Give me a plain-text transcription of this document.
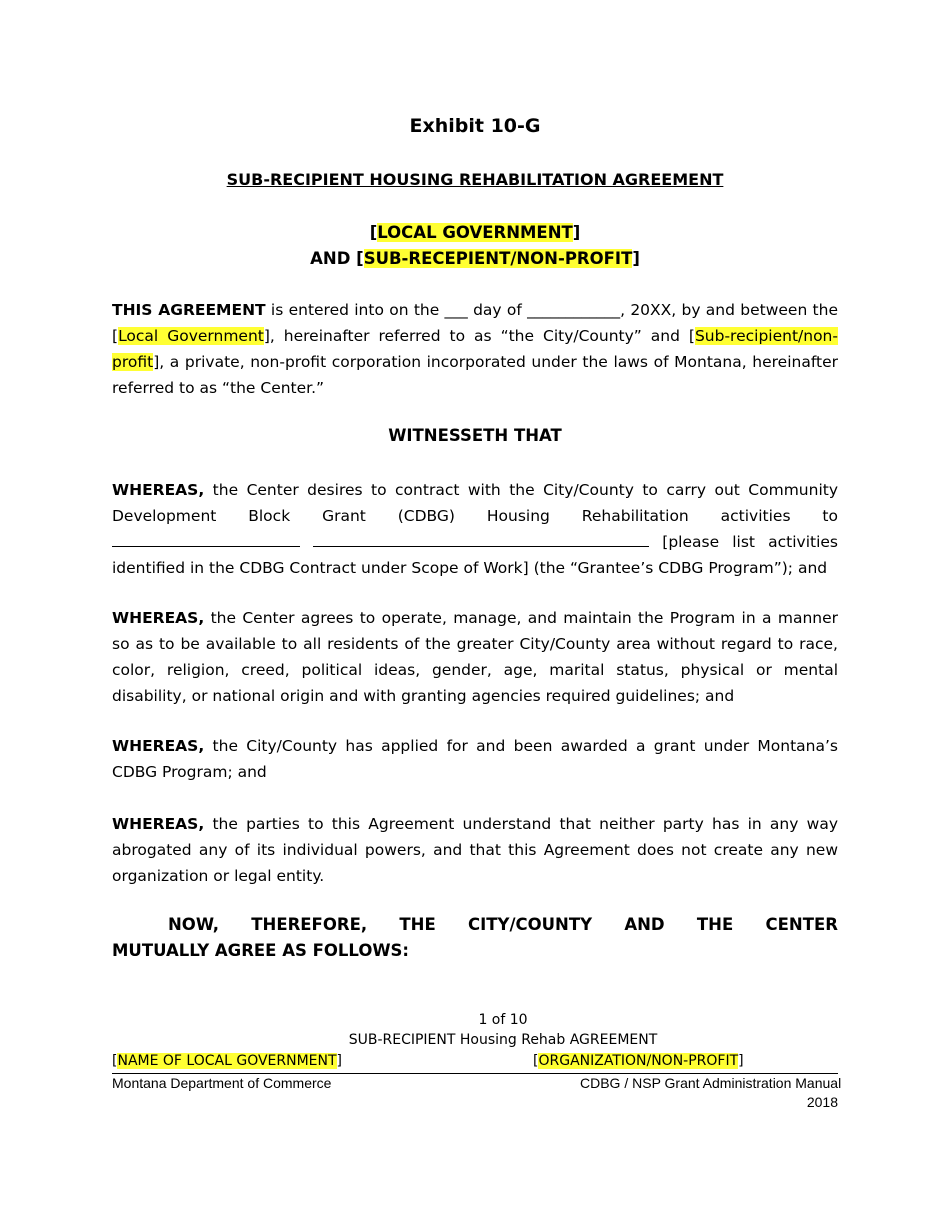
Exhibit 10-G
SUB-RECIPIENT HOUSING REHABILITATION AGREEMENT
[LOCAL GOVERNMENT]
AND [SUB-RECEPIENT/NON-PROFIT]
THIS AGREEMENT is entered into on the ___ day of ____________, 20XX, by and between the [Local Government], hereinafter referred to as “the City/County” and [Sub-recipient/non-profit], a private, non-profit corporation incorporated under the laws of Montana, hereinafter referred to as “the Center.”
WITNESSETH THAT
WHEREAS, the Center desires to contract with the City/County to carry out Community Development Block Grant (CDBG) Housing Rehabilitation activities to   [please list activities identified in the CDBG Contract under Scope of Work] (the “Grantee’s CDBG Program”); and
WHEREAS, the Center agrees to operate, manage, and maintain the Program in a manner so as to be available to all residents of the greater City/County area without regard to race, color, religion, creed, political ideas, gender, age, marital status, physical or mental disability, or national origin and with granting agencies required guidelines; and
WHEREAS, the City/County has applied for and been awarded a grant under Montana’s CDBG Program; and
WHEREAS, the parties to this Agreement understand that neither party has in any way abrogated any of its individual powers, and that this Agreement does not create any new organization or legal entity.
NOW, THEREFORE, THE CITY/COUNTY AND THE CENTER
MUTUALLY AGREE AS FOLLOWS:
1 of 10
SUB-RECIPIENT Housing Rehab AGREEMENT
[NAME OF LOCAL GOVERNMENT]	[ORGANIZATION/NON-PROFIT]
Montana Department of Commerce	CDBG / NSP Grant Administration Manual
2018
